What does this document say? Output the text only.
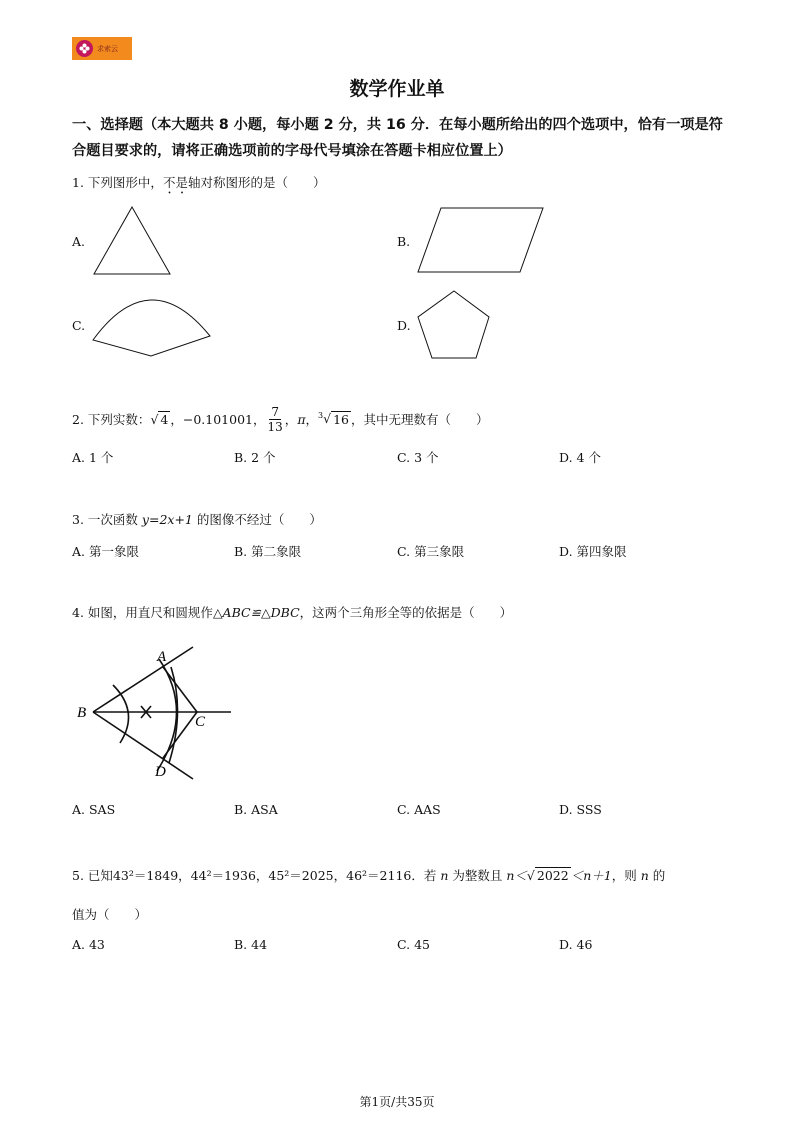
求索云
数学作业单
一、选择题（本大题共 8 小题，每小题 2 分，共 16 分．在每小题所给出的四个选项中，恰有一项是符合题目要求的，请将正确选项前的字母代号填涂在答题卡相应位置上）
1. 下列图形中，不是轴对称图形的是（　　）
A.	B.
C.	D.
2.
下列实数： √ 4 ， −0.101001 ， $\frac{7}{13}$ ， π ， $^3$√ 16 ，其中无理数有（　　）
A. 1 个	B. 2 个	C. 3 个	D. 4 个
3. 一次函数 y=2x+1 的图像不经过（　　）
A. 第一象限	B. 第二象限	C. 第三象限	D. 第四象限
4. 如图，用直尺和圆规作△ABC≌△DBC，这两个三角形全等的依据是（　　）
A
B
C
D
A. SAS	B. ASA	C. AAS	D. SSS
5. 已知43²＝1849，44²＝1936，45²＝2025，46²＝2116．若 n 为整数且 n＜√ 2022 ＜n＋1，则 n 的
值为（　　）
A. 43	B. 44	C. 45	D. 46
第1页/共35页
